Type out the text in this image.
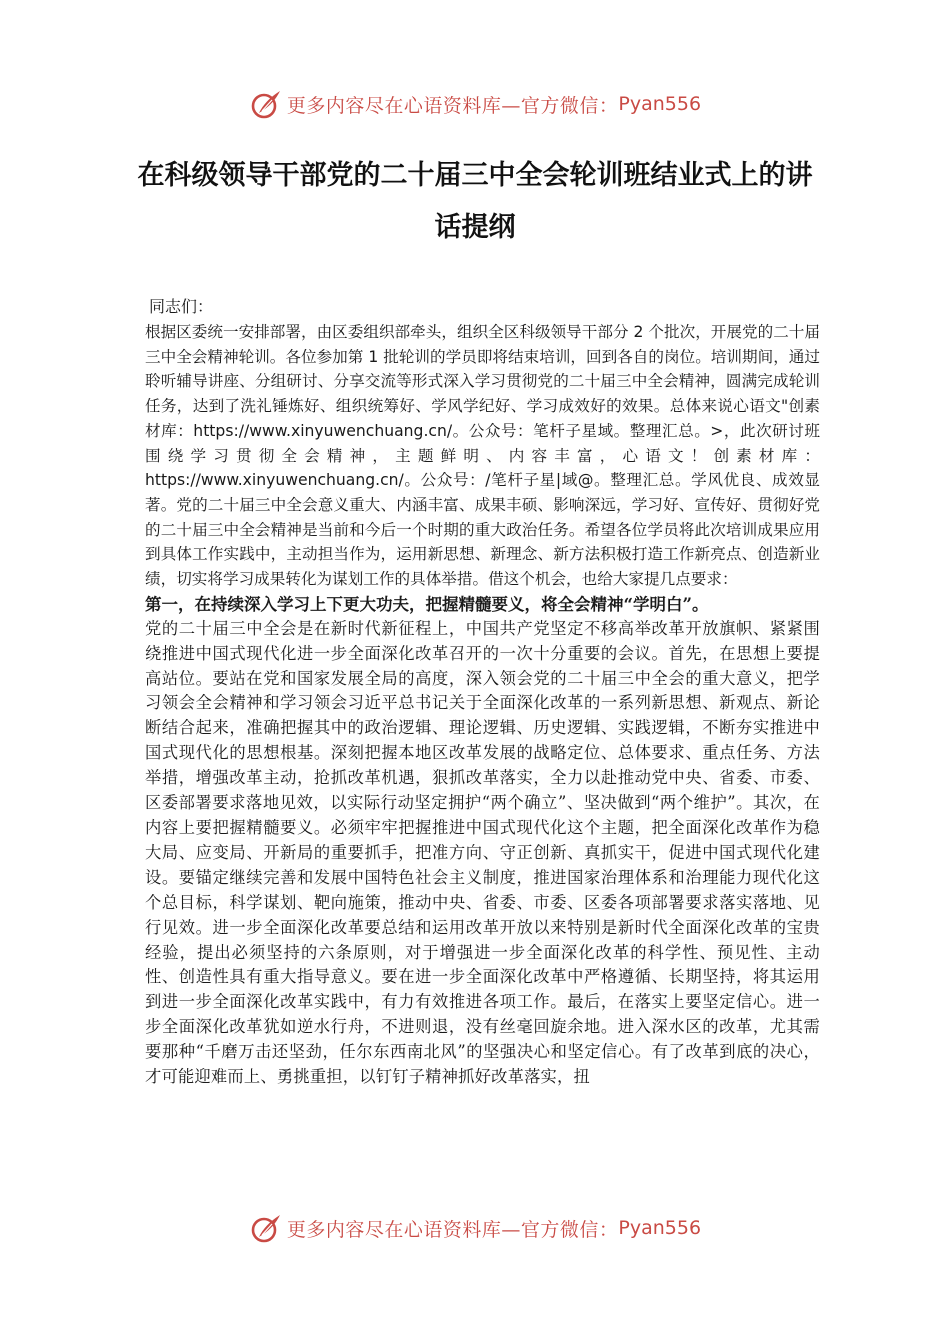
更多内容尽在心语资料库—官方微信： Pyan556
在科级领导干部党的二十届三中全会轮训班结业式上的讲话提纲

同志们：

根据区委统一安排部署，由区委组织部牵头，组织全区科级领导干部分 2 个批次，开展党的二十届三中全会精神轮训。各位参加第 1 批轮训的学员即将结束培训，回到各自的岗位。培训期间，通过聆听辅导讲座、分组研讨、分享交流等形式深入学习贯彻党的二十届三中全会精神，圆满完成轮训任务，达到了洗礼锤炼好、组织统筹好、学风学纪好、学习成效好的效果。总体来说心语文"创素材库：https://www.xinyuwenchuang.cn/。公众号：笔杆子星域。整理汇总。>，此次研讨班围绕学习贯彻全会精神，主题鲜明、内容丰富，心语文！创素材库：https://www.xinyuwenchuang.cn/。公众号：/笔杆子星|域@。整理汇总。学风优良、成效显著。党的二十届三中全会意义重大、内涵丰富、成果丰硕、影响深远，学习好、宣传好、贯彻好党的二十届三中全会精神是当前和今后一个时期的重大政治任务。希望各位学员将此次培训成果应用到具体工作实践中，主动担当作为，运用新思想、新理念、新方法积极打造工作新亮点、创造新业绩，切实将学习成果转化为谋划工作的具体举措。借这个机会，也给大家提几点要求：

第一，在持续深入学习上下更大功夫，把握精髓要义，将全会精神“学明白”。

党的二十届三中全会是在新时代新征程上，中国共产党坚定不移高举改革开放旗帜、紧紧围绕推进中国式现代化进一步全面深化改革召开的一次十分重要的会议。首先，在思想上要提高站位。要站在党和国家发展全局的高度，深入领会党的二十届三中全会的重大意义，把学习领会全会精神和学习领会习近平总书记关于全面深化改革的一系列新思想、新观点、新论断结合起来，准确把握其中的政治逻辑、理论逻辑、历史逻辑、实践逻辑，不断夯实推进中国式现代化的思想根基。深刻把握本地区改革发展的战略定位、总体要求、重点任务、方法举措，增强改革主动，抢抓改革机遇，狠抓改革落实，全力以赴推动党中央、省委、市委、区委部署要求落地见效，以实际行动坚定拥护“两个确立”、坚决做到“两个维护”。其次，在内容上要把握精髓要义。必须牢牢把握推进中国式现代化这个主题，把全面深化改革作为稳大局、应变局、开新局的重要抓手，把准方向、守正创新、真抓实干，促进中国式现代化建设。要锚定继续完善和发展中国特色社会主义制度，推进国家治理体系和治理能力现代化这个总目标，科学谋划、靶向施策，推动中央、省委、市委、区委各项部署要求落实落地、见行见效。进一步全面深化改革要总结和运用改革开放以来特别是新时代全面深化改革的宝贵经验，提出必须坚持的六条原则，对于增强进一步全面深化改革的科学性、预见性、主动性、创造性具有重大指导意义。要在进一步全面深化改革中严格遵循、长期坚持，将其运用到进一步全面深化改革实践中，有力有效推进各项工作。最后，在落实上要坚定信心。进一步全面深化改革犹如逆水行舟，不进则退，没有丝毫回旋余地。进入深水区的改革，尤其需要那种“千磨万击还坚劲，任尔东西南北风”的坚强决心和坚定信心。有了改革到底的决心，才可能迎难而上、勇挑重担，以钉钉子精神抓好改革落实，扭

更多内容尽在心语资料库—官方微信： Pyan556
